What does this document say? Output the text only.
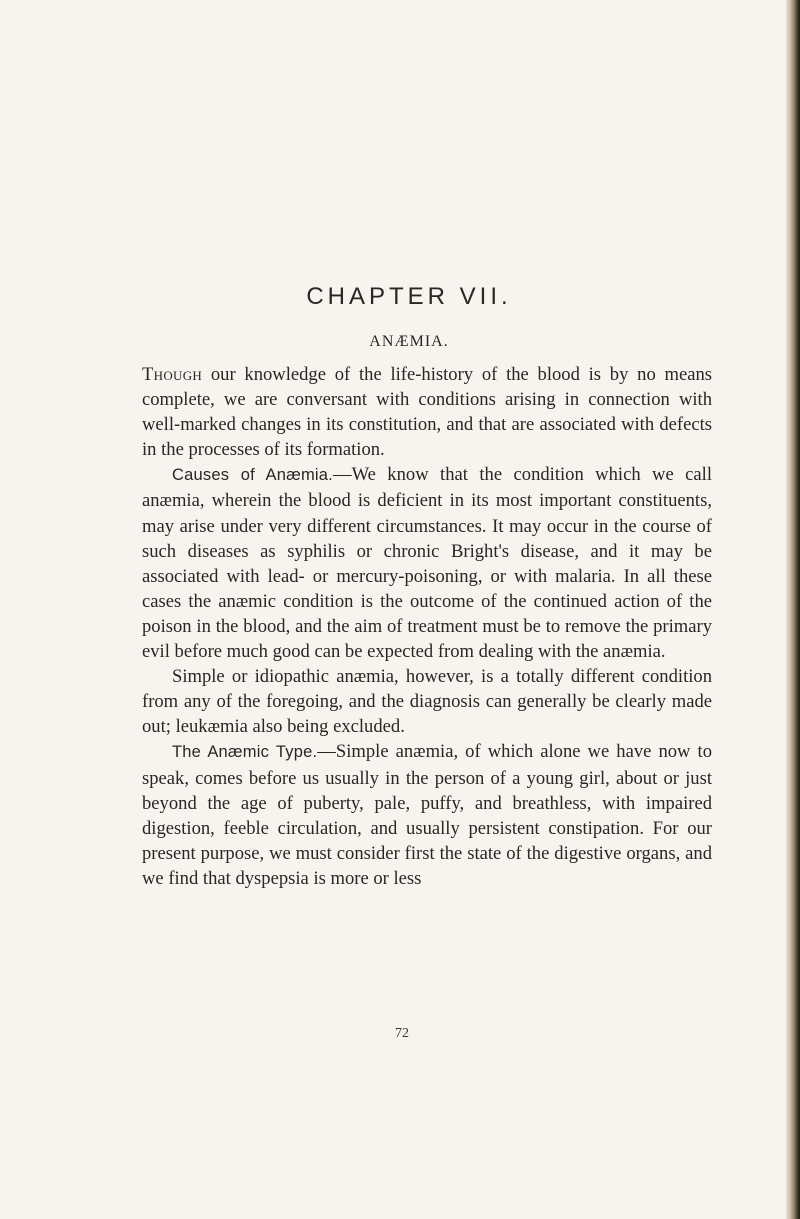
CHAPTER VII.
ANÆMIA.

Though our knowledge of the life-history of the blood is by no means complete, we are conversant with conditions arising in connection with well-marked changes in its constitution, and that are associated with defects in the processes of its formation.

Causes of Anæmia.—We know that the condition which we call anæmia, wherein the blood is deficient in its most important constituents, may arise under very different circumstances. It may occur in the course of such diseases as syphilis or chronic Bright's disease, and it may be associated with lead- or mercury-poisoning, or with malaria. In all these cases the anæmic condition is the outcome of the continued action of the poison in the blood, and the aim of treatment must be to remove the primary evil before much good can be expected from dealing with the anæmia.

Simple or idiopathic anæmia, however, is a totally different condition from any of the foregoing, and the diagnosis can generally be clearly made out; leukæmia also being excluded.

The Anæmic Type.—Simple anæmia, of which alone we have now to speak, comes before us usually in the person of a young girl, about or just beyond the age of puberty, pale, puffy, and breathless, with impaired digestion, feeble circulation, and usually persistent constipation. For our present purpose, we must consider first the state of the digestive organs, and we find that dyspepsia is more or less

72
